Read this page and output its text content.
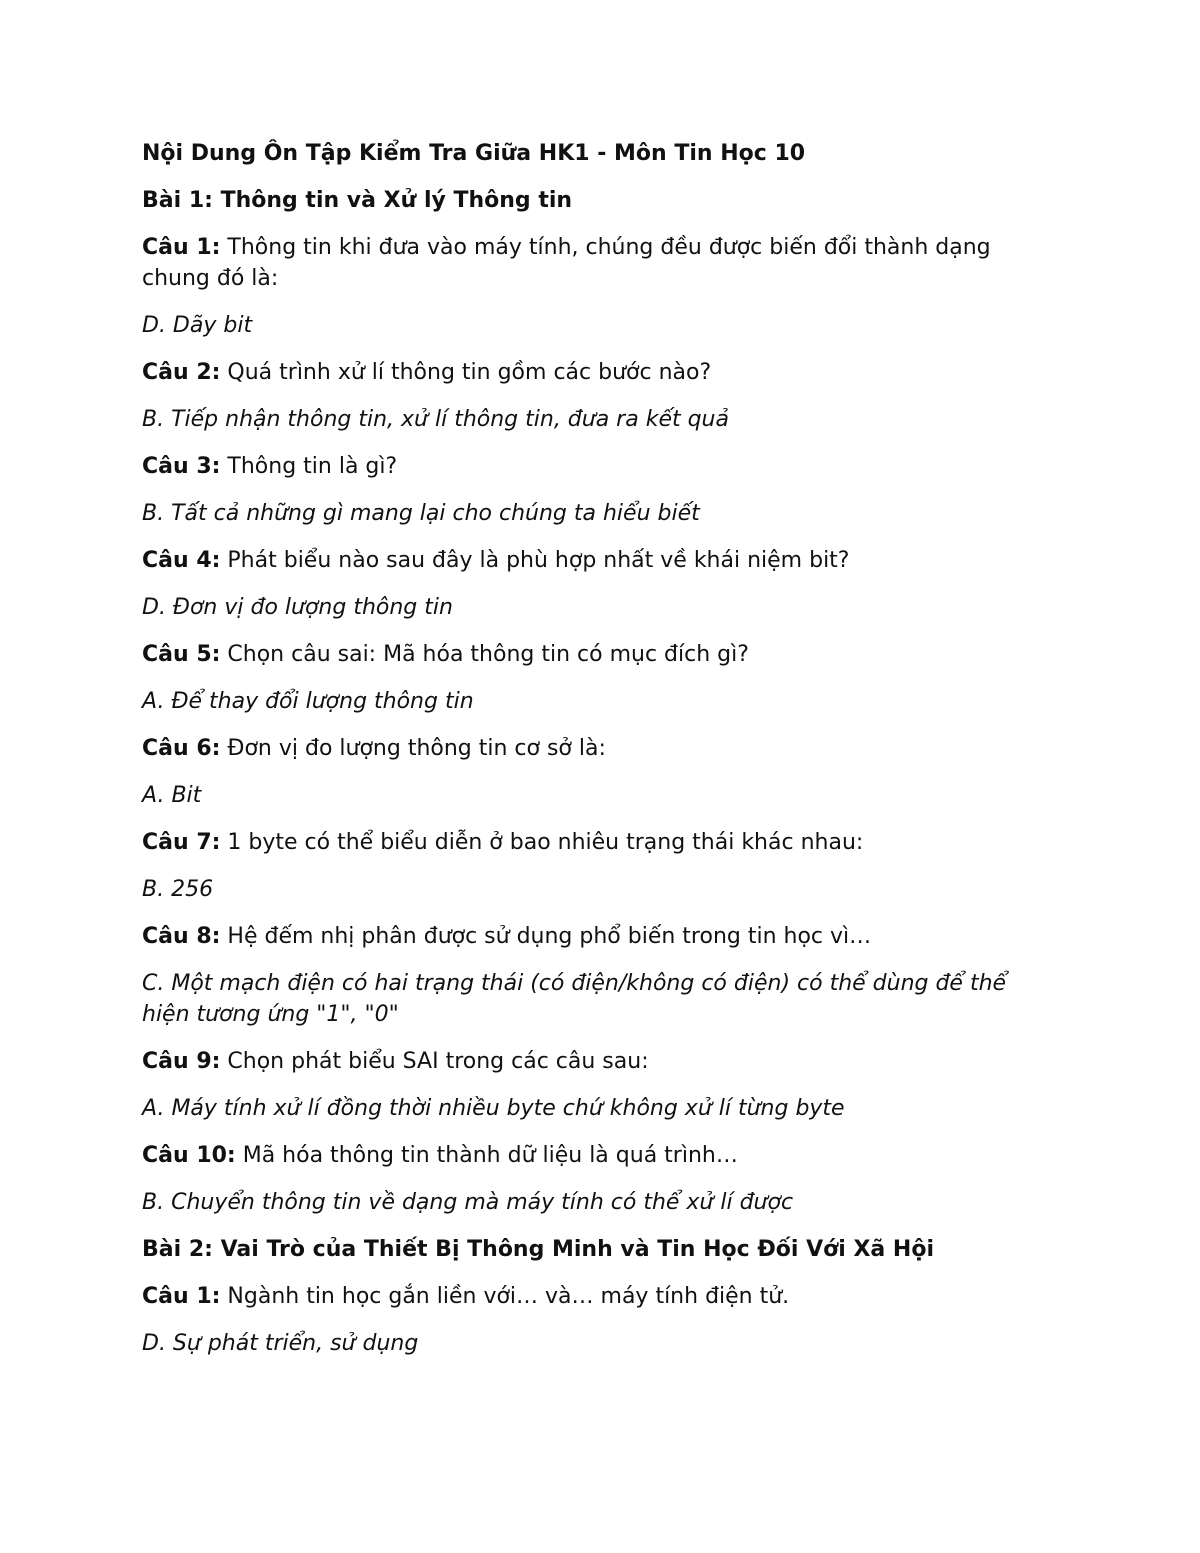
Nội Dung Ôn Tập Kiểm Tra Giữa HK1 - Môn Tin Học 10

Bài 1: Thông tin và Xử lý Thông tin

Câu 1: Thông tin khi đưa vào máy tính, chúng đều được biến đổi thành dạng chung đó là:

D. Dãy bit

Câu 2: Quá trình xử lí thông tin gồm các bước nào?

B. Tiếp nhận thông tin, xử lí thông tin, đưa ra kết quả

Câu 3: Thông tin là gì?

B. Tất cả những gì mang lại cho chúng ta hiểu biết

Câu 4: Phát biểu nào sau đây là phù hợp nhất về khái niệm bit?

D. Đơn vị đo lượng thông tin

Câu 5: Chọn câu sai: Mã hóa thông tin có mục đích gì?

A. Để thay đổi lượng thông tin

Câu 6: Đơn vị đo lượng thông tin cơ sở là:

A. Bit

Câu 7: 1 byte có thể biểu diễn ở bao nhiêu trạng thái khác nhau:

B. 256

Câu 8: Hệ đếm nhị phân được sử dụng phổ biến trong tin học vì…

C. Một mạch điện có hai trạng thái (có điện/không có điện) có thể dùng để thể hiện tương ứng "1", "0"

Câu 9: Chọn phát biểu SAI trong các câu sau:

A. Máy tính xử lí đồng thời nhiều byte chứ không xử lí từng byte

Câu 10: Mã hóa thông tin thành dữ liệu là quá trình…

B. Chuyển thông tin về dạng mà máy tính có thể xử lí được

Bài 2: Vai Trò của Thiết Bị Thông Minh và Tin Học Đối Với Xã Hội

Câu 1: Ngành tin học gắn liền với… và… máy tính điện tử.

D. Sự phát triển, sử dụng
